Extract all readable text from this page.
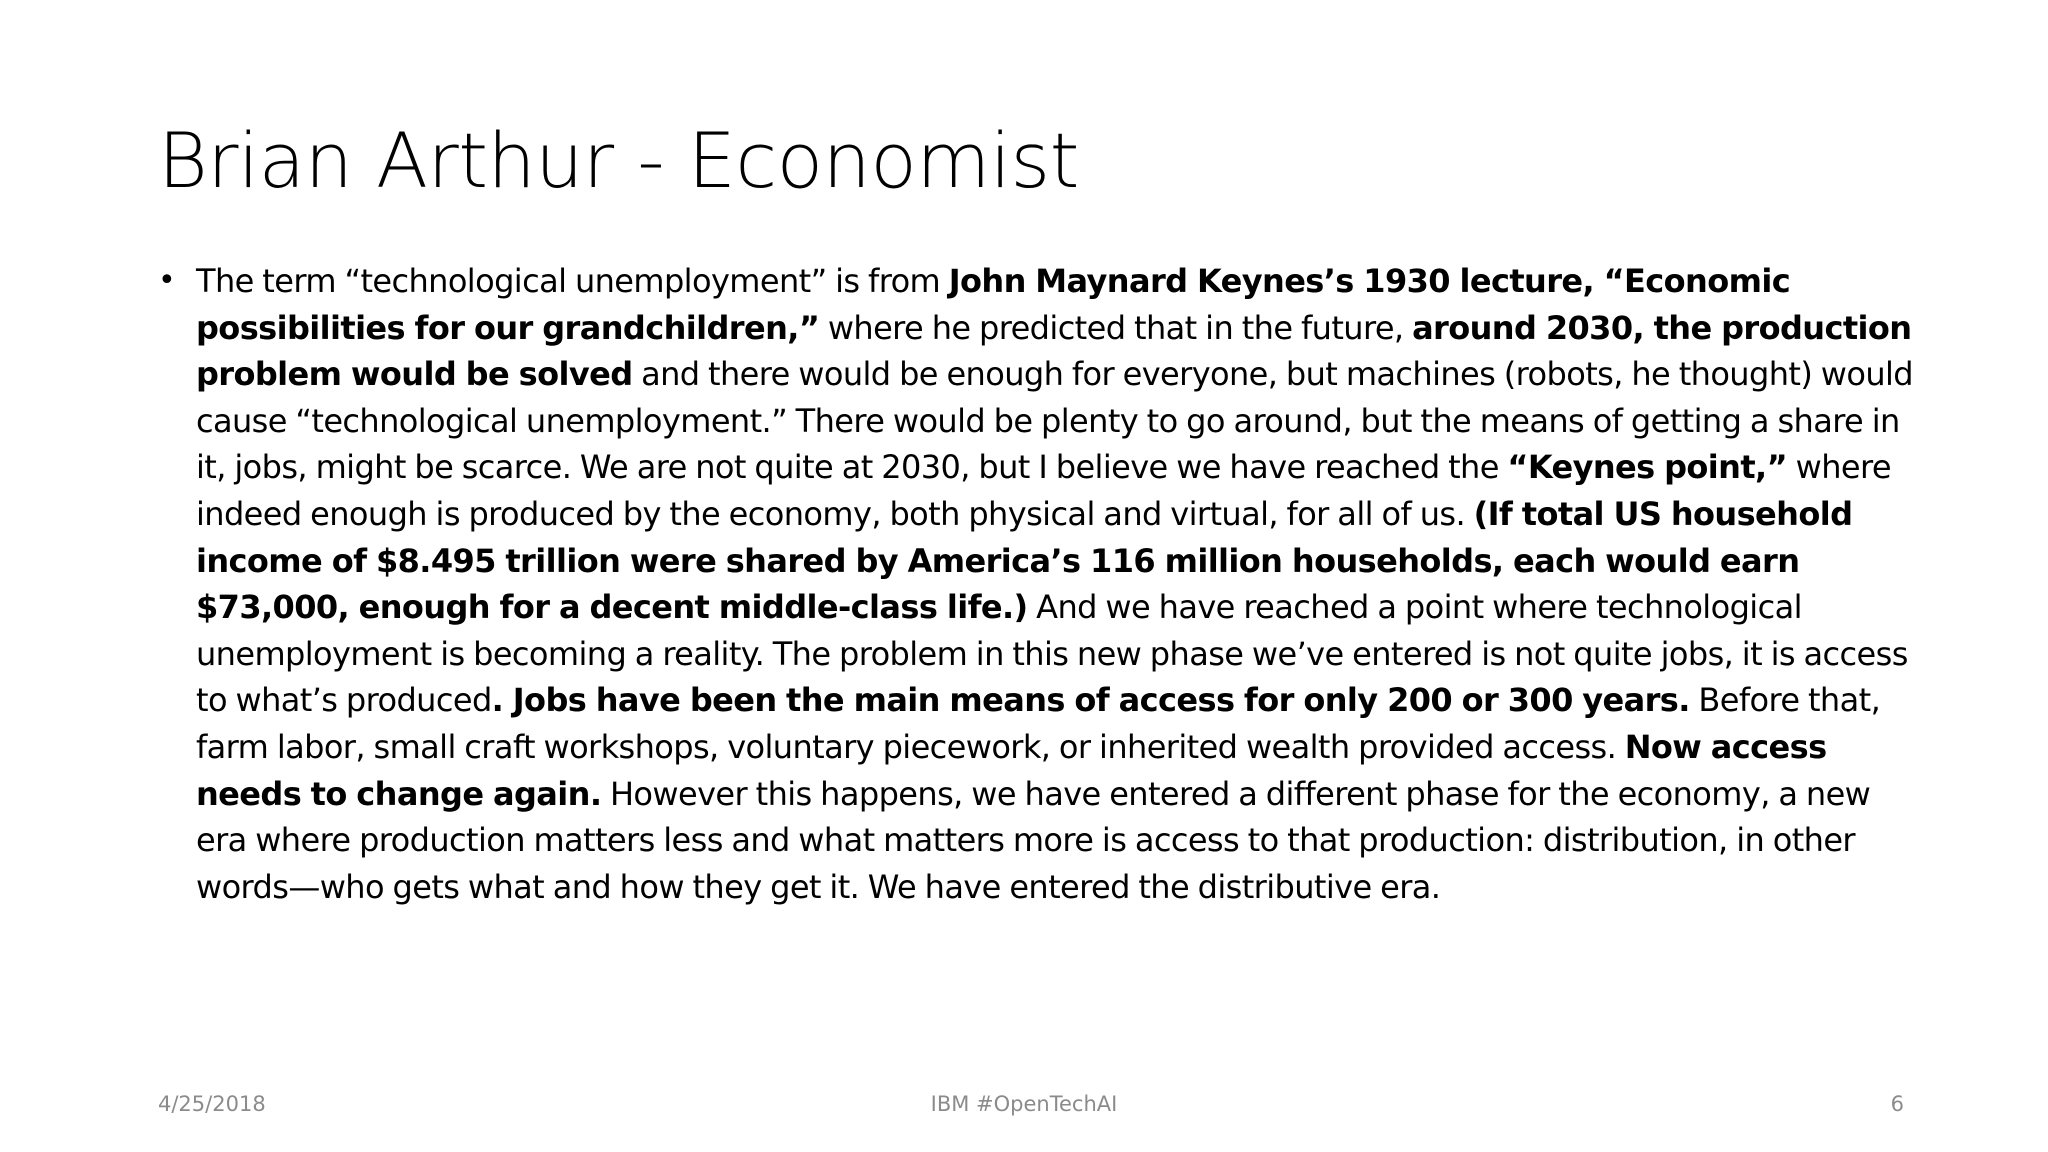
Brian Arthur - Economist
• The term “technological unemployment” is from John Maynard Keynes’s 1930 lecture, “Economic possibilities for our grandchildren,” where he predicted that in the future, around 2030, the production problem would be solved and there would be enough for everyone, but machines (robots, he thought) would cause “technological unemployment.” There would be plenty to go around, but the means of getting a share in it, jobs, might be scarce. We are not quite at 2030, but I believe we have reached the “Keynes point,” where indeed enough is produced by the economy, both physical and virtual, for all of us. (If total US household income of $8.495 trillion were shared by America’s 116 million households, each would earn $73,000, enough for a decent middle-class life.) And we have reached a point where technological unemployment is becoming a reality. The problem in this new phase we’ve entered is not quite jobs, it is access to what’s produced. Jobs have been the main means of access for only 200 or 300 years. Before that, farm labor, small craft workshops, voluntary piecework, or inherited wealth provided access. Now access needs to change again. However this happens, we have entered a different phase for the economy, a new era where production matters less and what matters more is access to that production: distribution, in other words—who gets what and how they get it. We have entered the distributive era.
4/25/2018	IBM #OpenTechAI	6
